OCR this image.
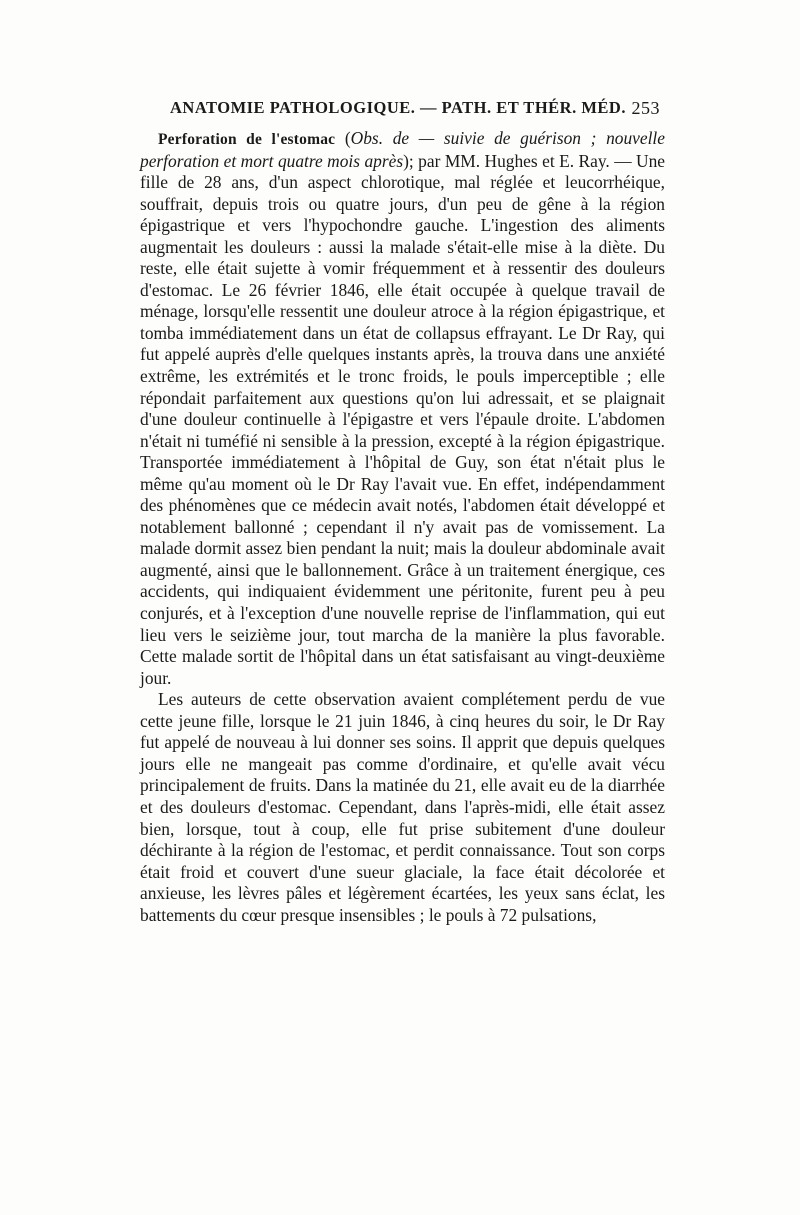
ANATOMIE PATHOLOGIQUE. — PATH. ET THÉR. MÉD. 253

Perforation de l'estomac (Obs. de — suivie de guérison ; nouvelle perforation et mort quatre mois après); par MM. Hughes et E. Ray. — Une fille de 28 ans, d'un aspect chlorotique, mal réglée et leucorrhéique, souffrait, depuis trois ou quatre jours, d'un peu de gêne à la région épigastrique et vers l'hypochondre gauche. L'ingestion des aliments augmentait les douleurs : aussi la malade s'était-elle mise à la diète. Du reste, elle était sujette à vomir fréquemment et à ressentir des douleurs d'estomac. Le 26 février 1846, elle était occupée à quelque travail de ménage, lorsqu'elle ressentit une douleur atroce à la région épigastrique, et tomba immédiatement dans un état de collapsus effrayant. Le Dr Ray, qui fut appelé auprès d'elle quelques instants après, la trouva dans une anxiété extrême, les extrémités et le tronc froids, le pouls imperceptible ; elle répondait parfaitement aux questions qu'on lui adressait, et se plaignait d'une douleur continuelle à l'épigastre et vers l'épaule droite. L'abdomen n'était ni tuméfié ni sensible à la pression, excepté à la région épigastrique. Transportée immédiatement à l'hôpital de Guy, son état n'était plus le même qu'au moment où le Dr Ray l'avait vue. En effet, indépendamment des phénomènes que ce médecin avait notés, l'abdomen était développé et notablement ballonné ; cependant il n'y avait pas de vomissement. La malade dormit assez bien pendant la nuit; mais la douleur abdominale avait augmenté, ainsi que le ballonnement. Grâce à un traitement énergique, ces accidents, qui indiquaient évidemment une péritonite, furent peu à peu conjurés, et à l'exception d'une nouvelle reprise de l'inflammation, qui eut lieu vers le seizième jour, tout marcha de la manière la plus favorable. Cette malade sortit de l'hôpital dans un état satisfaisant au vingt-deuxième jour.

Les auteurs de cette observation avaient complétement perdu de vue cette jeune fille, lorsque le 21 juin 1846, à cinq heures du soir, le Dr Ray fut appelé de nouveau à lui donner ses soins. Il apprit que depuis quelques jours elle ne mangeait pas comme d'ordinaire, et qu'elle avait vécu principalement de fruits. Dans la matinée du 21, elle avait eu de la diarrhée et des douleurs d'estomac. Cependant, dans l'après-midi, elle était assez bien, lorsque, tout à coup, elle fut prise subitement d'une douleur déchirante à la région de l'estomac, et perdit connaissance. Tout son corps était froid et couvert d'une sueur glaciale, la face était décolorée et anxieuse, les lèvres pâles et légèrement écartées, les yeux sans éclat, les battements du cœur presque insensibles ; le pouls à 72 pulsations,
